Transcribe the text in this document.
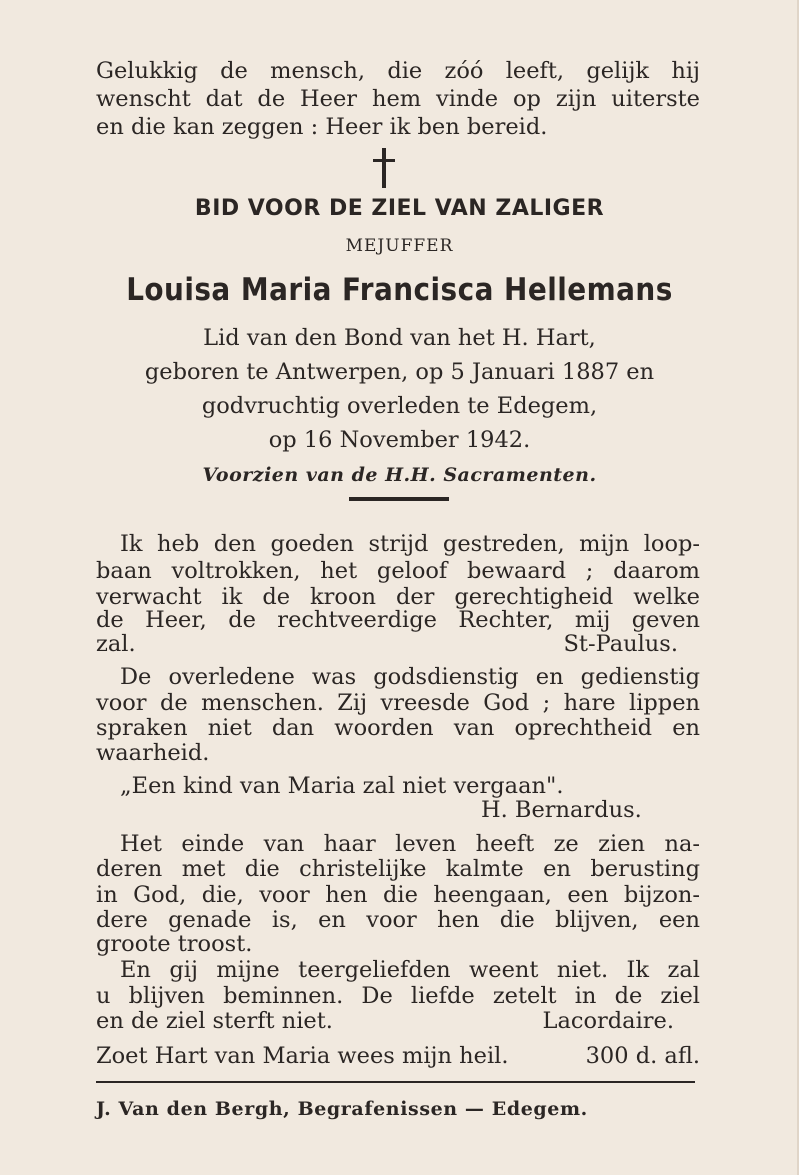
Gelukkig de mensch, die zóó leeft, gelijk hij
wenscht dat de Heer hem vinde op zijn uiterste
en die kan zeggen : Heer ik ben bereid.
BID VOOR DE ZIEL VAN ZALIGER
MEJUFFER
Louisa Maria Francisca Hellemans
Lid van den Bond van het H. Hart,
geboren te Antwerpen, op 5 Januari 1887 en
godvruchtig overleden te Edegem,
op 16 November 1942.
Voorzien van de H.H. Sacramenten.
Ik heb den goeden strijd gestreden, mijn loop-
baan voltrokken, het geloof bewaard ; daarom
verwacht ik de kroon der gerechtigheid welke
de Heer, de rechtveerdige Rechter, mij geven
zal.	St-Paulus.
De overledene was godsdienstig en gedienstig
voor de menschen. Zij vreesde God ; hare lippen
spraken niet dan woorden van oprechtheid en
waarheid.
„Een kind van Maria zal niet vergaan".
H. Bernardus.
Het einde van haar leven heeft ze zien na-
deren met die christelijke kalmte en berusting
in God, die, voor hen die heengaan, een bijzon-
dere genade is, en voor hen die blijven, een
groote troost.
En gij mijne teergeliefden weent niet. Ik zal
u blijven beminnen. De liefde zetelt in de ziel
en de ziel sterft niet.	Lacordaire.
Zoet Hart van Maria wees mijn heil.	300 d. afl.
J. Van den Bergh, Begrafenissen — Edegem.
